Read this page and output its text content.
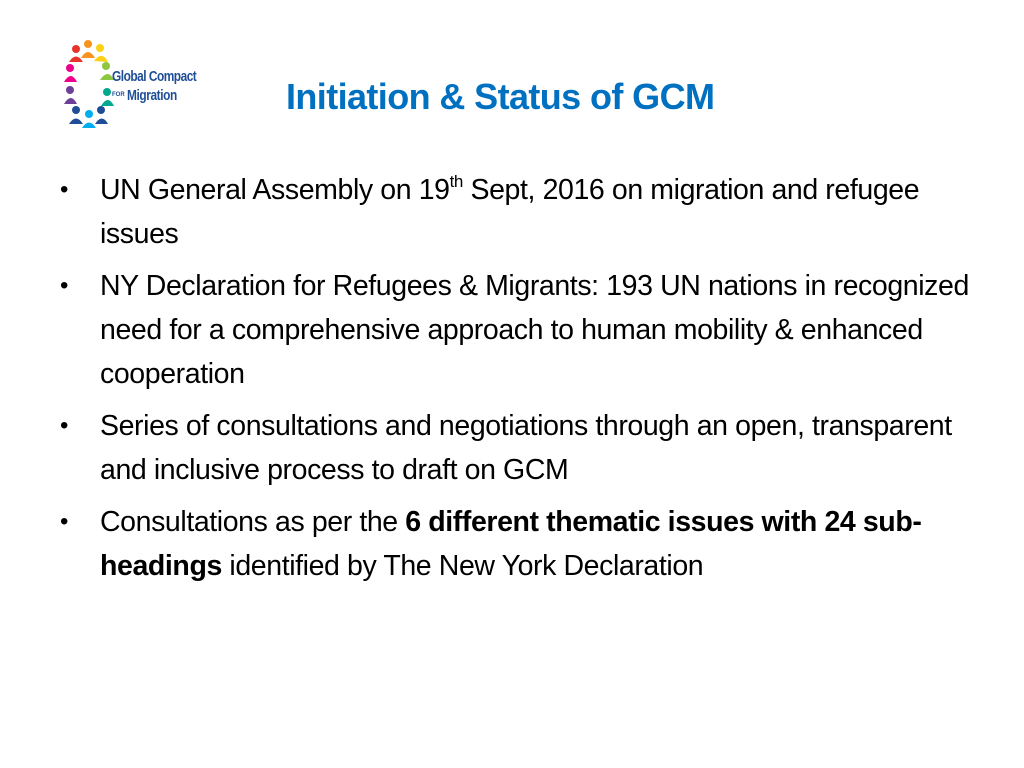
Global Compact
FOR Migration	Initiation & Status of GCM
• UN General Assembly on 19th Sept, 2016 on migration and refugee issues
• NY Declaration for Refugees & Migrants: 193 UN nations in recognized need for a comprehensive approach to human mobility & enhanced cooperation
• Series of consultations and negotiations through an open, transparent and inclusive process to draft on GCM
• Consultations as per the 6 different thematic issues with 24 sub-headings identified by The New York Declaration
